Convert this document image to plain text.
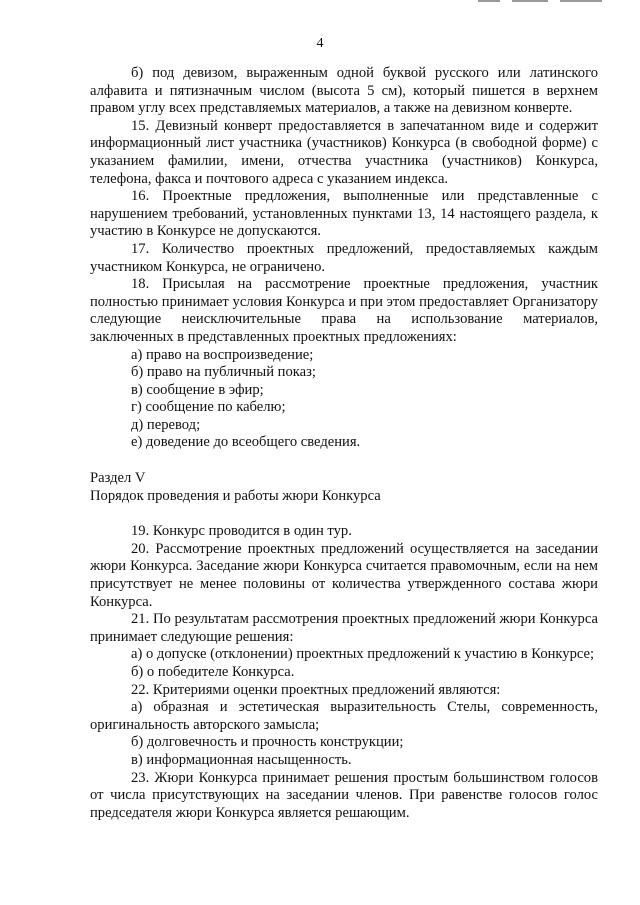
4

б) под девизом, выраженным одной буквой русского или латинского алфавита и пятизначным числом (высота 5 см), который пишется в верхнем правом углу всех представляемых материалов, а также на девизном конверте.

15. Девизный конверт предоставляется в запечатанном виде и содержит информационный лист участника (участников) Конкурса (в свободной форме) с указанием фамилии, имени, отчества участника (участников) Конкурса, телефона, факса и почтового адреса с указанием индекса.

16. Проектные предложения, выполненные или представленные с нарушением требований, установленных пунктами 13, 14 настоящего раздела, к участию в Конкурсе не допускаются.

17. Количество проектных предложений, предоставляемых каждым участником Конкурса, не ограничено.

18. Присылая на рассмотрение проектные предложения, участник полностью принимает условия Конкурса и при этом предоставляет Организатору следующие неисключительные права на использование материалов, заключенных в представленных проектных предложениях:

а) право на воспроизведение;

б) право на публичный показ;

в) сообщение в эфир;

г) сообщение по кабелю;

д) перевод;

е) доведение до всеобщего сведения.

Раздел V

Порядок проведения и работы жюри Конкурса

19. Конкурс проводится в один тур.

20. Рассмотрение проектных предложений осуществляется на заседании жюри Конкурса. Заседание жюри Конкурса считается правомочным, если на нем присутствует не менее половины от количества утвержденного состава жюри Конкурса.

21. По результатам рассмотрения проектных предложений жюри Конкурса принимает следующие решения:

а) о допуске (отклонении) проектных предложений к участию в Конкурсе;

б) о победителе Конкурса.

22. Критериями оценки проектных предложений являются:

а) образная и эстетическая выразительность Стелы, современность, оригинальность авторского замысла;

б) долговечность и прочность конструкции;

в) информационная насыщенность.

23. Жюри Конкурса принимает решения простым большинством голосов от числа присутствующих на заседании членов. При равенстве голосов голос председателя жюри Конкурса является решающим.
